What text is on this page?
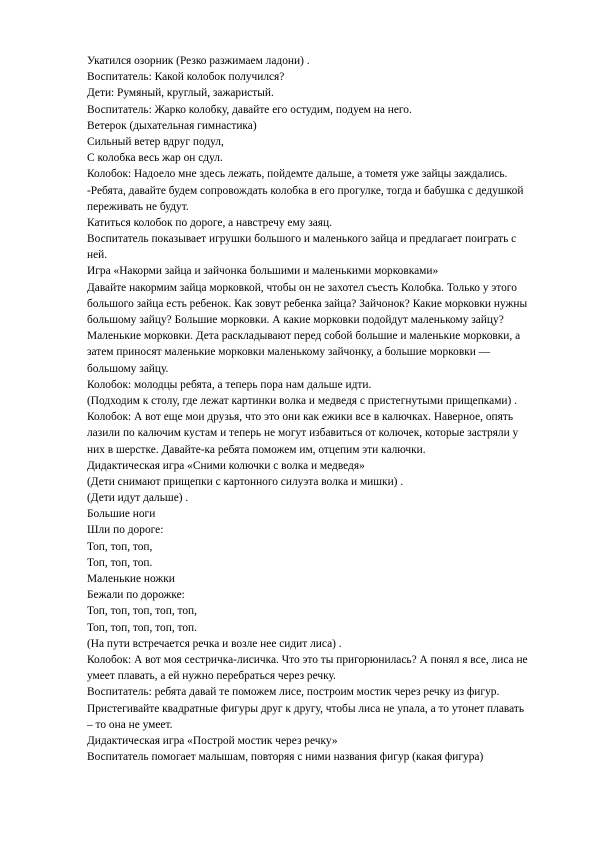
Укатился озорник (Резко разжимаем ладони) .
Воспитатель: Какой колобок получился?
Дети: Румяный, круглый, зажаристый.
Воспитатель: Жарко колобку, давайте его остудим, подуем на него.
Ветерок (дыхательная гимнастика)
Сильный ветер вдруг подул,
С колобка весь жар он сдул.
Колобок: Надоело мне здесь лежать, пойдемте дальше, а тометя уже зайцы заждались.
-Ребята, давайте будем сопровождать колобка в его прогулке, тогда и бабушка с дедушкой
переживать не будут.
Катиться колобок по дороге, а навстречу ему заяц.
Воспитатель показывает игрушки большого и маленького зайца и предлагает поиграть с
ней.
Игра «Накорми зайца и зайчонка большими и маленькими морковками»
Давайте накормим зайца морковкой, чтобы он не захотел съесть Колобка. Только у этого
большого зайца есть ребенок. Как зовут ребенка зайца? Зайчонок? Какие морковки нужны
большому зайцу? Большие морковки. А какие морковки подойдут маленькому зайцу?
Маленькие морковки. Дета раскладывают перед собой большие и маленькие морковки, а
затем приносят маленькие морковки маленькому зайчонку, а большие морковки —
большому зайцу.
Колобок: молодцы ребята, а теперь пора нам дальше идти.
(Подходим к столу, где лежат картинки волка и медведя с пристегнутыми прищепками) .
Колобок: А вот еще мои друзья, что это они как ежики все в калючках. Наверное, опять
лазили по калючим кустам и теперь не могут избавиться от колючек, которые застряли у
них в шерстке. Давайте-ка ребята поможем им, отцепим эти калючки.
Дидактическая игра «Сними колючки с волка и медведя»
(Дети снимают прищепки с картонного силуэта волка и мишки) .
(Дети идут дальше) .
Большие ноги
Шли по дороге:
Топ, топ, топ,
Топ, топ, топ.
Маленькие ножки
Бежали по дорожке:
Топ, топ, топ, топ, топ,
Топ, топ, топ, топ, топ.
(На пути встречается речка и возле нее сидит лиса) .
Колобок: А вот моя сестричка-лисичка. Что это ты пригорюнилась? А понял я все, лиса не
умеет плавать, а ей нужно перебраться через речку.
Воспитатель: ребята давай те поможем лисе, построим мостик через речку из фигур.
Пристегивайте квадратные фигуры друг к другу, чтобы лиса не упала, а то утонет плавать
– то она не умеет.
Дидактическая игра «Построй мостик через речку»
Воспитатель помогает малышам, повторяя с ними названия фигур (какая фигура)
